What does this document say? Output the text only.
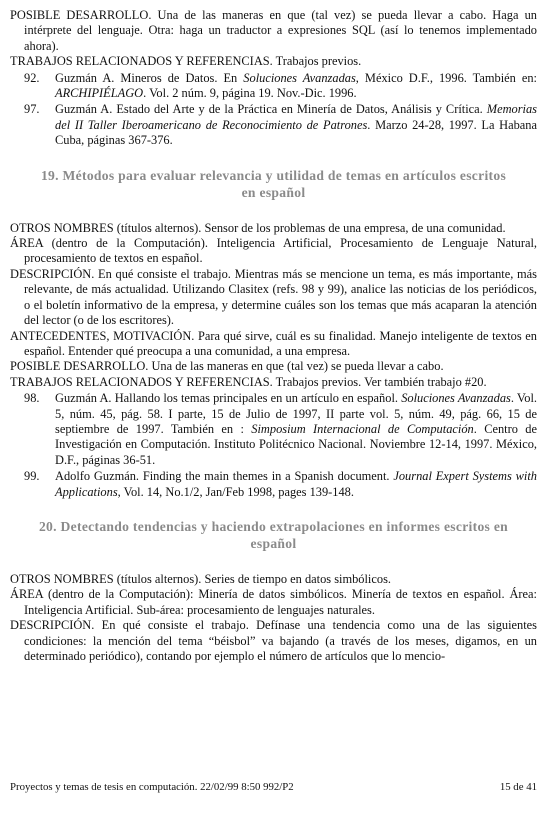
POSIBLE DESARROLLO. Una de las maneras en que (tal vez) se pueda llevar a cabo. Haga un intérprete del lenguaje. Otra: haga un traductor a expresiones SQL (así lo tenemos implementado ahora).

TRABAJOS RELACIONADOS Y REFERENCIAS. Trabajos previos.

92. Guzmán A. Mineros de Datos. En Soluciones Avanzadas, México D.F., 1996. También en: ARCHIPIÉLAGO. Vol. 2 núm. 9, página 19. Nov.-Dic. 1996.

97. Guzmán A. Estado del Arte y de la Práctica en Minería de Datos, Análisis y Crítica. Memorias del II Taller Iberoamericano de Reconocimiento de Patrones. Marzo 24-28, 1997. La Habana Cuba, páginas 367-376.

19. Métodos para evaluar relevancia y utilidad de temas en artículos escritos en español

OTROS NOMBRES (títulos alternos). Sensor de los problemas de una empresa, de una comunidad.

ÁREA (dentro de la Computación). Inteligencia Artificial, Procesamiento de Lenguaje Natural, procesamiento de textos en español.

DESCRIPCIÓN. En qué consiste el trabajo. Mientras más se mencione un tema, es más importante, más relevante, de más actualidad. Utilizando Clasitex (refs. 98 y 99), analice las noticias de los periódicos, o el boletín informativo de la empresa, y determine cuáles son los temas que más acaparan la atención del lector (o de los escritores).

ANTECEDENTES, MOTIVACIÓN. Para qué sirve, cuál es su finalidad. Manejo inteligente de textos en español. Entender qué preocupa a una comunidad, a una empresa.

POSIBLE DESARROLLO. Una de las maneras en que (tal vez) se pueda llevar a cabo.

TRABAJOS RELACIONADOS Y REFERENCIAS. Trabajos previos. Ver también trabajo #20.

98. Guzmán A. Hallando los temas principales en un artículo en español. Soluciones Avanzadas. Vol. 5, núm. 45, pág. 58. I parte, 15 de Julio de 1997, II parte vol. 5, núm. 49, pág. 66, 15 de septiembre de 1997. También en : Simposium Internacional de Computación. Centro de Investigación en Computación. Instituto Politécnico Nacional. Noviembre 12-14, 1997. México, D.F., páginas 36-51.

99. Adolfo Guzmán. Finding the main themes in a Spanish document. Journal Expert Systems with Applications, Vol. 14, No.1/2, Jan/Feb 1998, pages 139-148.

20. Detectando tendencias y haciendo extrapolaciones en informes escritos en español

OTROS NOMBRES (títulos alternos). Series de tiempo en datos simbólicos.

ÁREA (dentro de la Computación): Minería de datos simbólicos. Minería de textos en español. Área: Inteligencia Artificial. Sub-área: procesamiento de lenguajes naturales.

DESCRIPCIÓN. En qué consiste el trabajo. Defínase una tendencia como una de las siguientes condiciones: la mención del tema “béisbol” va bajando (a través de los meses, digamos, en un determinado periódico), contando por ejemplo el número de artículos que lo mencio-

Proyectos y temas de tesis en computación. 22/02/99 8:50 992/P2	15 de 41
